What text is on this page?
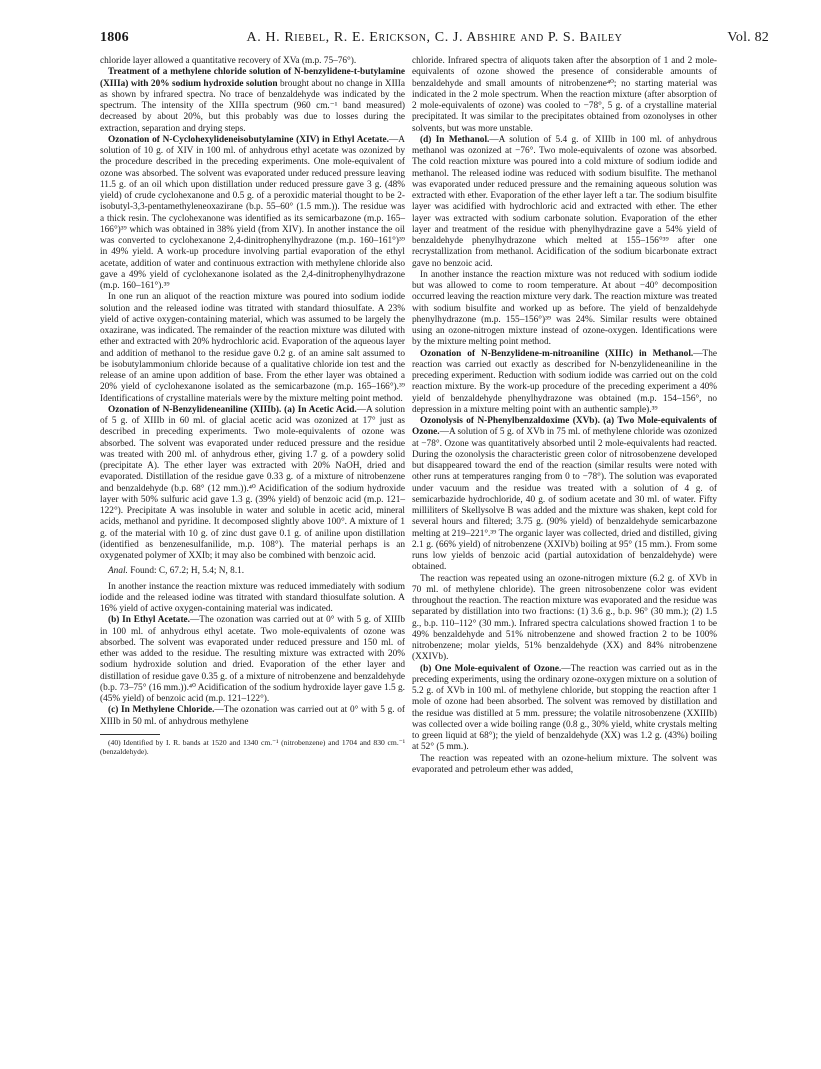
1806	A. H. Riebel, R. E. Erickson, C. J. Abshire and P. S. Bailey	Vol. 82

chloride layer allowed a quantitative recovery of XVa (m.p. 75–76°).

Treatment of a methylene chloride solution of N-benzylidene-t-butylamine (XIIIa) with 20% sodium hydroxide solution brought about no change in XIIIa as shown by infrared spectra. No trace of benzaldehyde was indicated by the spectrum. The intensity of the XIIIa spectrum (960 cm.⁻¹ band measured) decreased by about 20%, but this probably was due to losses during the extraction, separation and drying steps.

Ozonation of N-Cyclohexylideneisobutylamine (XIV) in Ethyl Acetate.—A solution of 10 g. of XIV in 100 ml. of anhydrous ethyl acetate was ozonized by the procedure described in the preceding experiments. One mole-equivalent of ozone was absorbed. The solvent was evaporated under reduced pressure leaving 11.5 g. of an oil which upon distillation under reduced pressure gave 3 g. (48% yield) of crude cyclohexanone and 0.5 g. of a peroxidic material thought to be 2-isobutyl-3,3-pentamethyleneoxazirane (b.p. 55–60° (1.5 mm.)). The residue was a thick resin. The cyclohexanone was identified as its semicarbazone (m.p. 165–166°)³⁹ which was obtained in 38% yield (from XIV). In another instance the oil was converted to cyclohexanone 2,4-dinitrophenylhydrazone (m.p. 160–161°)³⁹ in 49% yield. A work-up procedure involving partial evaporation of the ethyl acetate, addition of water and continuous extraction with methylene chloride also gave a 49% yield of cyclohexanone isolated as the 2,4-dinitrophenylhydrazone (m.p. 160–161°).³⁹

In one run an aliquot of the reaction mixture was poured into sodium iodide solution and the released iodine was titrated with standard thiosulfate. A 23% yield of active oxygen-containing material, which was assumed to be largely the oxazirane, was indicated. The remainder of the reaction mixture was diluted with ether and extracted with 20% hydrochloric acid. Evaporation of the aqueous layer and addition of methanol to the residue gave 0.2 g. of an amine salt assumed to be isobutylammonium chloride because of a qualitative chloride ion test and the release of an amine upon addition of base. From the ether layer was obtained a 20% yield of cyclohexanone isolated as the semicarbazone (m.p. 165–166°).³⁹ Identifications of crystalline materials were by the mixture melting point method.

Ozonation of N-Benzylideneaniline (XIIIb). (a) In Acetic Acid.—A solution of 5 g. of XIIIb in 60 ml. of glacial acetic acid was ozonized at 17° just as described in preceding experiments. Two mole-equivalents of ozone was absorbed. The solvent was evaporated under reduced pressure and the residue was treated with 200 ml. of anhydrous ether, giving 1.7 g. of a powdery solid (precipitate A). The ether layer was extracted with 20% NaOH, dried and evaporated. Distillation of the residue gave 0.33 g. of a mixture of nitrobenzene and benzaldehyde (b.p. 68° (12 mm.)).⁴⁰ Acidification of the sodium hydroxide layer with 50% sulfuric acid gave 1.3 g. (39% yield) of benzoic acid (m.p. 121–122°). Precipitate A was insoluble in water and soluble in acetic acid, mineral acids, methanol and pyridine. It decomposed slightly above 100°. A mixture of 1 g. of the material with 10 g. of zinc dust gave 0.1 g. of aniline upon distillation (identified as benzenesulfanilide, m.p. 108°). The material perhaps is an oxygenated polymer of XXIb; it may also be combined with benzoic acid.

Anal. Found: C, 67.2; H, 5.4; N, 8.1.

In another instance the reaction mixture was reduced immediately with sodium iodide and the released iodine was titrated with standard thiosulfate solution. A 16% yield of active oxygen-containing material was indicated.

(b) In Ethyl Acetate.—The ozonation was carried out at 0° with 5 g. of XIIIb in 100 ml. of anhydrous ethyl acetate. Two mole-equivalents of ozone was absorbed. The solvent was evaporated under reduced pressure and 150 ml. of ether was added to the residue. The resulting mixture was extracted with 20% sodium hydroxide solution and dried. Evaporation of the ether layer and distillation of residue gave 0.35 g. of a mixture of nitrobenzene and benzaldehyde (b.p. 73–75° (16 mm.)).⁴⁰ Acidification of the sodium hydroxide layer gave 1.5 g. (45% yield) of benzoic acid (m.p. 121–122°).

(c) In Methylene Chloride.—The ozonation was carried out at 0° with 5 g. of XIIIb in 50 ml. of anhydrous methylene

(40) Identified by I. R. bands at 1520 and 1340 cm.⁻¹ (nitrobenzene) and 1704 and 830 cm.⁻¹ (benzaldehyde).

chloride. Infrared spectra of aliquots taken after the absorption of 1 and 2 mole-equivalents of ozone showed the presence of considerable amounts of benzaldehyde and small amounts of nitrobenzene⁴⁰; no starting material was indicated in the 2 mole spectrum. When the reaction mixture (after absorption of 2 mole-equivalents of ozone) was cooled to −78°, 5 g. of a crystalline material precipitated. It was similar to the precipitates obtained from ozonolyses in other solvents, but was more unstable.

(d) In Methanol.—A solution of 5.4 g. of XIIIb in 100 ml. of anhydrous methanol was ozonized at −76°. Two mole-equivalents of ozone was absorbed. The cold reaction mixture was poured into a cold mixture of sodium iodide and methanol. The released iodine was reduced with sodium bisulfite. The methanol was evaporated under reduced pressure and the remaining aqueous solution was extracted with ether. Evaporation of the ether layer left a tar. The sodium bisulfite layer was acidified with hydrochloric acid and extracted with ether. The ether layer was extracted with sodium carbonate solution. Evaporation of the ether layer and treatment of the residue with phenylhydrazine gave a 54% yield of benzaldehyde phenylhydrazone which melted at 155–156°³⁹ after one recrystallization from methanol. Acidification of the sodium bicarbonate extract gave no benzoic acid.

In another instance the reaction mixture was not reduced with sodium iodide but was allowed to come to room temperature. At about −40° decomposition occurred leaving the reaction mixture very dark. The reaction mixture was treated with sodium bisulfite and worked up as before. The yield of benzaldehyde phenylhydrazone (m.p. 155–156°)³⁹ was 24%. Similar results were obtained using an ozone-nitrogen mixture instead of ozone-oxygen. Identifications were by the mixture melting point method.

Ozonation of N-Benzylidene-m-nitroaniline (XIIIc) in Methanol.—The reaction was carried out exactly as described for N-benzylideneaniline in the preceding experiment. Reduction with sodium iodide was carried out on the cold reaction mixture. By the work-up procedure of the preceding experiment a 40% yield of benzaldehyde phenylhydrazone was obtained (m.p. 154–156°, no depression in a mixture melting point with an authentic sample).³⁹

Ozonolysis of N-Phenylbenzaldoxime (XVb). (a) Two Mole-equivalents of Ozone.—A solution of 5 g. of XVb in 75 ml. of methylene chloride was ozonized at −78°. Ozone was quantitatively absorbed until 2 mole-equivalents had reacted. During the ozonolysis the characteristic green color of nitrosobenzene developed but disappeared toward the end of the reaction (similar results were noted with other runs at temperatures ranging from 0 to −78°). The solution was evaporated under vacuum and the residue was treated with a solution of 4 g. of semicarbazide hydrochloride, 40 g. of sodium acetate and 30 ml. of water. Fifty milliliters of Skellysolve B was added and the mixture was shaken, kept cold for several hours and filtered; 3.75 g. (90% yield) of benzaldehyde semicarbazone melting at 219–221°.³⁹ The organic layer was collected, dried and distilled, giving 2.1 g. (66% yield) of nitrobenzene (XXIVb) boiling at 95° (15 mm.). From some runs low yields of benzoic acid (partial autoxidation of benzaldehyde) were obtained.

The reaction was repeated using an ozone-nitrogen mixture (6.2 g. of XVb in 70 ml. of methylene chloride). The green nitrosobenzene color was evident throughout the reaction. The reaction mixture was evaporated and the residue was separated by distillation into two fractions: (1) 3.6 g., b.p. 96° (30 mm.); (2) 1.5 g., b.p. 110–112° (30 mm.). Infrared spectra calculations showed fraction 1 to be 49% benzaldehyde and 51% nitrobenzene and showed fraction 2 to be 100% nitrobenzene; molar yields, 51% benzaldehyde (XX) and 84% nitrobenzene (XXIVb).

(b) One Mole-equivalent of Ozone.—The reaction was carried out as in the preceding experiments, using the ordinary ozone-oxygen mixture on a solution of 5.2 g. of XVb in 100 ml. of methylene chloride, but stopping the reaction after 1 mole of ozone had been absorbed. The solvent was removed by distillation and the residue was distilled at 5 mm. pressure; the volatile nitrosobenzene (XXIIIb) was collected over a wide boiling range (0.8 g., 30% yield, white crystals melting to green liquid at 68°); the yield of benzaldehyde (XX) was 1.2 g. (43%) boiling at 52° (5 mm.).

The reaction was repeated with an ozone-helium mixture. The solvent was evaporated and petroleum ether was added,
